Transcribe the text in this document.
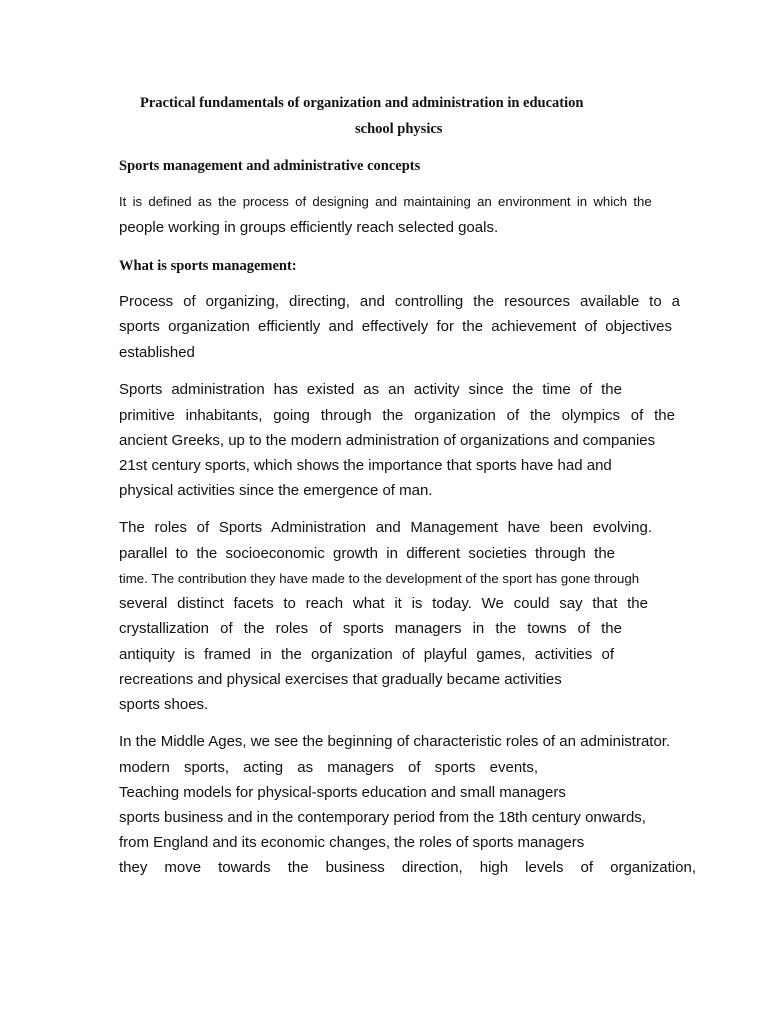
Practical fundamentals of organization and administration in education
school physics
Sports management and administrative concepts
It is defined as the process of designing and maintaining an environment in which the
people working in groups efficiently reach selected goals.
What is sports management:
Process of organizing, directing, and controlling the resources available to a
sports organization efficiently and effectively for the achievement of objectives
established
Sports administration has existed as an activity since the time of the
primitive inhabitants, going through the organization of the olympics of the
ancient Greeks, up to the modern administration of organizations and companies
21st century sports, which shows the importance that sports have had and
physical activities since the emergence of man.
The roles of Sports Administration and Management have been evolving.
parallel to the socioeconomic growth in different societies through the
time. The contribution they have made to the development of the sport has gone through
several distinct facets to reach what it is today. We could say that the
crystallization of the roles of sports managers in the towns of the
antiquity is framed in the organization of playful games, activities of
recreations and physical exercises that gradually became activities
sports shoes.
In the Middle Ages, we see the beginning of characteristic roles of an administrator.
modern sports, acting as managers of sports events,
Teaching models for physical-sports education and small managers
sports business and in the contemporary period from the 18th century onwards,
from England and its economic changes, the roles of sports managers
they move towards the business direction, high levels of organization,
